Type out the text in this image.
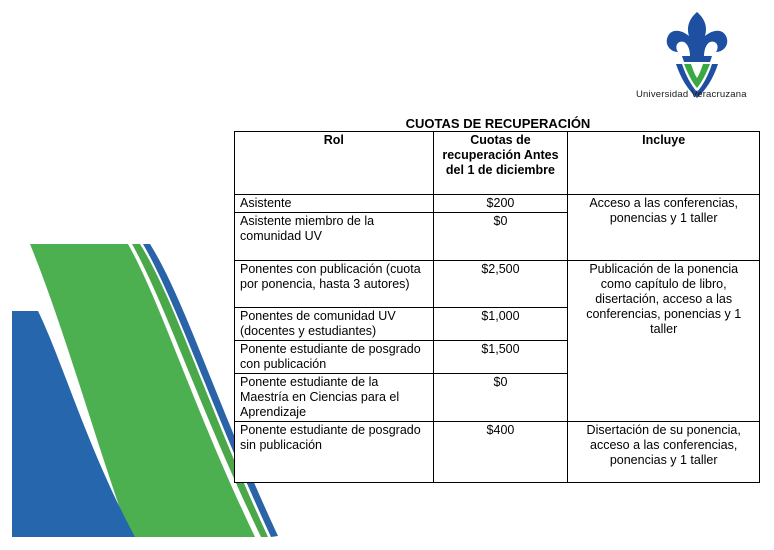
Universidad Veracruzana
CUOTAS DE RECUPERACIÓN
Rol	Cuotas de recuperación Antes del 1 de diciembre	Incluye
Asistente	$200	Acceso a las conferencias, ponencias y 1 taller
Asistente miembro de la comunidad UV	$0	
Ponentes con publicación (cuota por ponencia, hasta 3 autores)	$2,500	Publicación de la ponencia como capítulo de libro, disertación, acceso a las conferencias, ponencias y 1 taller
Ponentes de comunidad UV (docentes y estudiantes)	$1,000	
Ponente estudiante de posgrado con publicación	$1,500	
Ponente estudiante de la Maestría en Ciencias para el Aprendizaje	$0	
Ponente estudiante de posgrado sin publicación	$400	Disertación de su ponencia, acceso a las conferencias, ponencias y 1 taller
